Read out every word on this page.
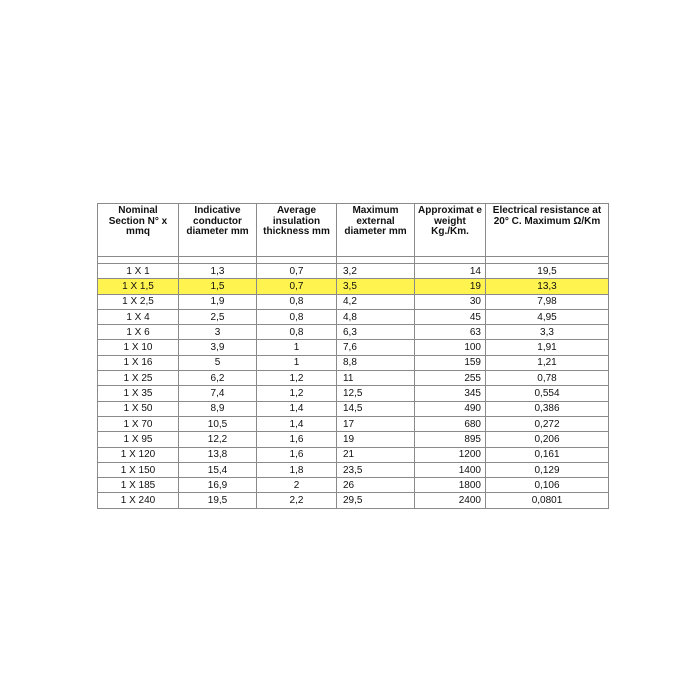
Nominal Section N° x mmq	Indicative conductor diameter mm	Average insulation thickness mm	Maximum external diameter mm	Approximat e weight Kg./Km.	Electrical resistance at 20° C. Maximum Ω/Km

1 X 1	1,3	0,7	3,2	14	19,5
1 X 1,5	1,5	0,7	3,5	19	13,3
1 X 2,5	1,9	0,8	4,2	30	7,98
1 X 4	2,5	0,8	4,8	45	4,95
1 X 6	3	0,8	6,3	63	3,3
1 X 10	3,9	1	7,6	100	1,91
1 X 16	5	1	8,8	159	1,21
1 X 25	6,2	1,2	11	255	0,78
1 X 35	7,4	1,2	12,5	345	0,554
1 X 50	8,9	1,4	14,5	490	0,386
1 X 70	10,5	1,4	17	680	0,272
1 X 95	12,2	1,6	19	895	0,206
1 X 120	13,8	1,6	21	1200	0,161
1 X 150	15,4	1,8	23,5	1400	0,129
1 X 185	16,9	2	26	1800	0,106
1 X 240	19,5	2,2	29,5	2400	0,0801
